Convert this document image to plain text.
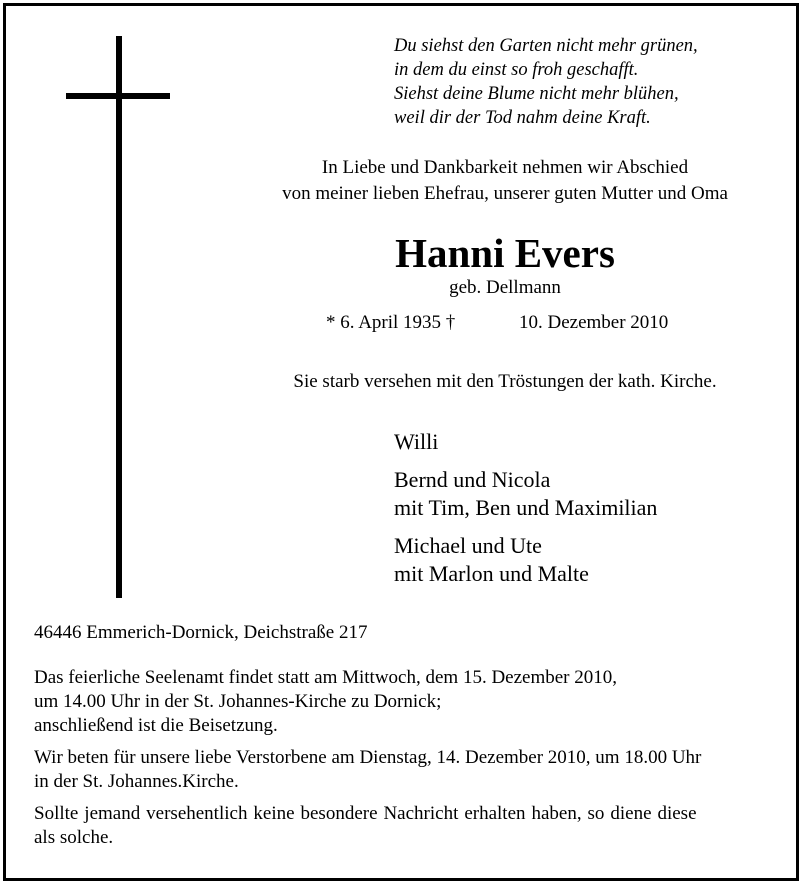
Du siehst den Garten nicht mehr grünen,
in dem du einst so froh geschafft.
Siehst deine Blume nicht mehr blühen,
weil dir der Tod nahm deine Kraft.
In Liebe und Dankbarkeit nehmen wir Abschied
von meiner lieben Ehefrau, unserer guten Mutter und Oma
Hanni Evers
geb. Dellmann
* 6. April 1935 †	10. Dezember 2010
Sie starb versehen mit den Tröstungen der kath. Kirche.
Willi
Bernd und Nicola
mit Tim, Ben und Maximilian
Michael und Ute
mit Marlon und Malte
46446 Emmerich-Dornick, Deichstraße 217
Das feierliche Seelenamt findet statt am Mittwoch, dem 15. Dezember 2010,
um 14.00 Uhr in der St. Johannes-Kirche zu Dornick;
anschließend ist die Beisetzung.
Wir beten für unsere liebe Verstorbene am Dienstag, 14. Dezember 2010, um 18.00 Uhr
in der St. Johannes.Kirche.
Sollte jemand versehentlich keine besondere Nachricht erhalten haben, so diene diese
als solche.
